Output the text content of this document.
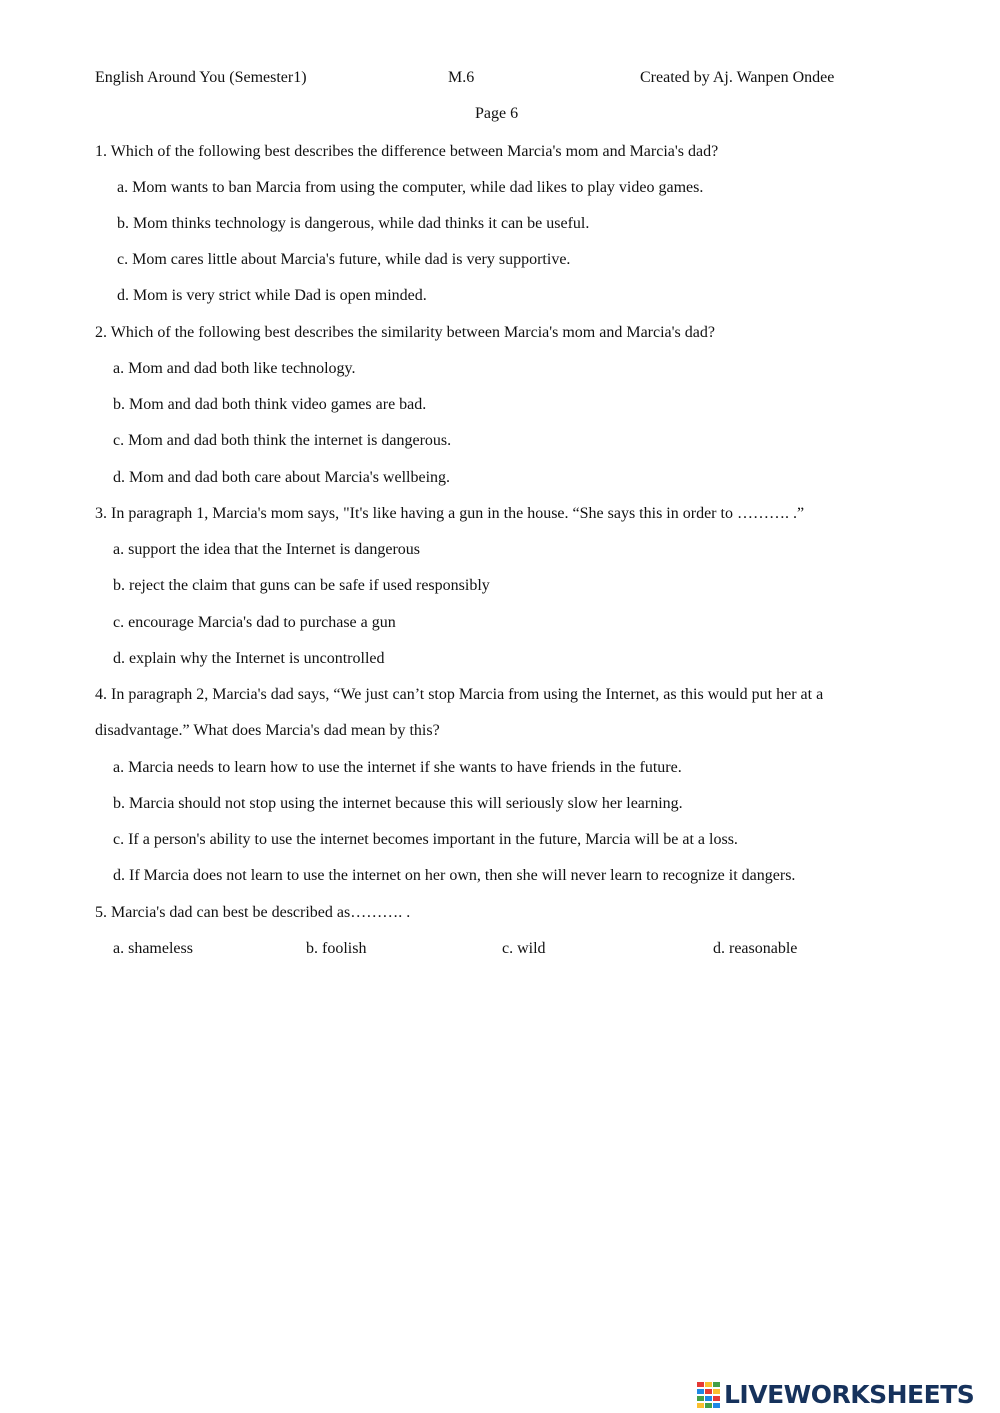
English Around You (Semester1)	M.6	Created by Aj. Wanpen Ondee
Page 6
1. Which of the following best describes the difference between Marcia's mom and Marcia's dad?
a. Mom wants to ban Marcia from using the computer, while dad likes to play video games.
b. Mom thinks technology is dangerous, while dad thinks it can be useful.
c. Mom cares little about Marcia's future, while dad is very supportive.
d. Mom is very strict while Dad is open minded.
2. Which of the following best describes the similarity between Marcia's mom and Marcia's dad?
a. Mom and dad both like technology.
b. Mom and dad both think video games are bad.
c. Mom and dad both think the internet is dangerous.
d. Mom and dad both care about Marcia's wellbeing.
3. In paragraph 1, Marcia's mom says, "It's like having a gun in the house. “She says this in order to ………. .”
a. support the idea that the Internet is dangerous
b. reject the claim that guns can be safe if used responsibly
c. encourage Marcia's dad to purchase a gun
d. explain why the Internet is uncontrolled
4. In paragraph 2, Marcia's dad says, “We just can’t stop Marcia from using the Internet, as this would put her at a
disadvantage.” What does Marcia's dad mean by this?
a. Marcia needs to learn how to use the internet if she wants to have friends in the future.
b. Marcia should not stop using the internet because this will seriously slow her learning.
c. If a person's ability to use the internet becomes important in the future, Marcia will be at a loss.
d. If Marcia does not learn to use the internet on her own, then she will never learn to recognize it dangers.
5. Marcia's dad can best be described as………. .
a. shameless	b. foolish	c. wild	d. reasonable
LIVEWORKSHEETS
